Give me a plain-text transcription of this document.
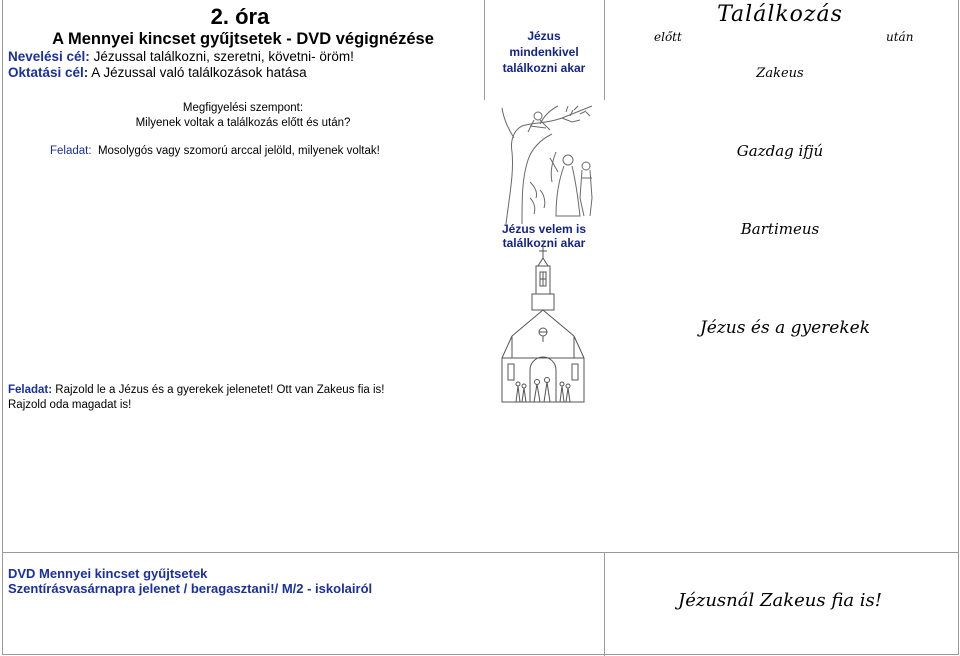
2. óra
A Mennyei kincset gyűjtsetek - DVD végignézése
Nevelési cél: Jézussal találkozni, szeretni, követni- öröm!
Oktatási cél: A Jézussal való találkozások hatása
Megfigyelési szempont:
Milyenek voltak a találkozás előtt és után?
Feladat: Mosolygós vagy szomorú arccal jelöld, milyenek voltak!
Feladat: Rajzold le a Jézus és a gyerekek jelenetet! Ott van Zakeus fia is!
Rajzold oda magadat is!
Jézus
mindenkivel
találkozni akar
Jézus velem is
találkozni akar
Találkozás
előtt	után
Zakeus
Gazdag ifjú
Bartimeus
Jézus és a gyerekek
DVD Mennyei kincset gyűjtsetek
Szentírásvasárnapra jelenet / beragasztani!/ M/2 - iskolairól
Jézusnál Zakeus fia is!
